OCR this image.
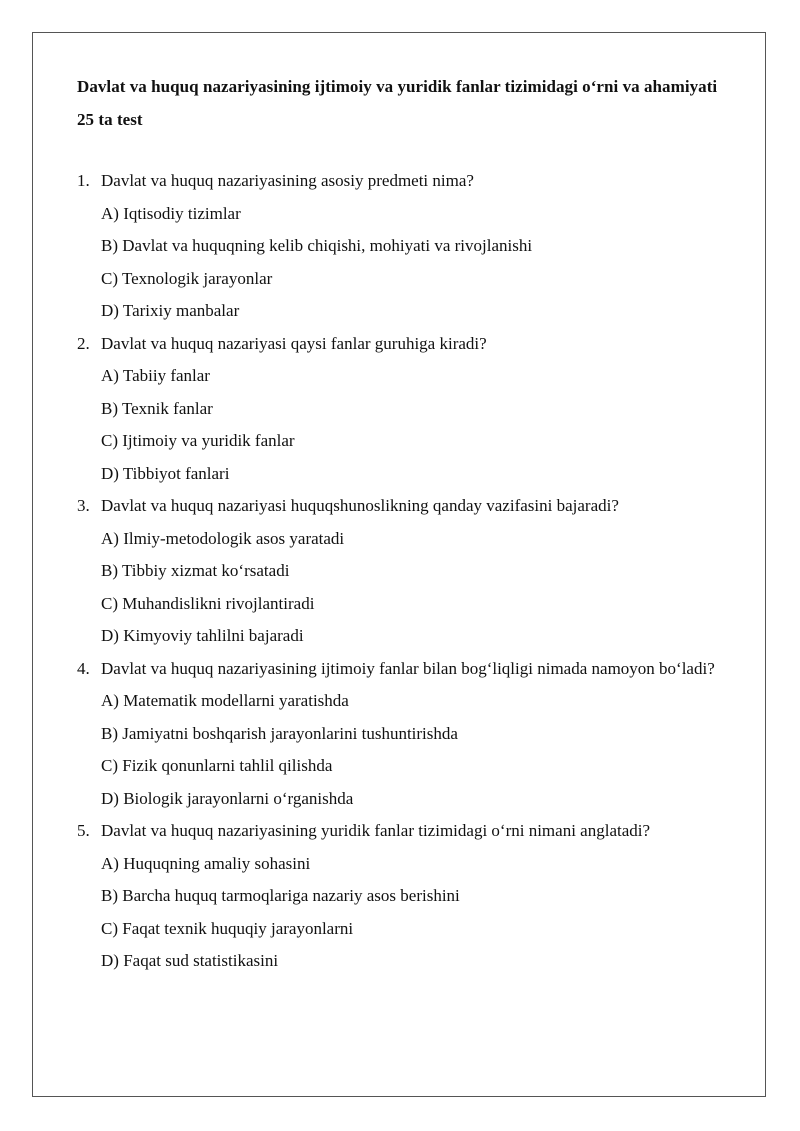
Davlat va huquq nazariyasining ijtimoiy va yuridik fanlar tizimidagi o‘rni va ahamiyati 25 ta test
1. Davlat va huquq nazariyasining asosiy predmeti nima?
A) Iqtisodiy tizimlar
B) Davlat va huquqning kelib chiqishi, mohiyati va rivojlanishi
C) Texnologik jarayonlar
D) Tarixiy manbalar
2. Davlat va huquq nazariyasi qaysi fanlar guruhiga kiradi?
A) Tabiiy fanlar
B) Texnik fanlar
C) Ijtimoiy va yuridik fanlar
D) Tibbiyot fanlari
3. Davlat va huquq nazariyasi huquqshunoslikning qanday vazifasini bajaradi?
A) Ilmiy-metodologik asos yaratadi
B) Tibbiy xizmat ko‘rsatadi
C) Muhandislikni rivojlantiradi
D) Kimyoviy tahlilni bajaradi
4. Davlat va huquq nazariyasining ijtimoiy fanlar bilan bog‘liqligi nimada namoyon bo‘ladi?
A) Matematik modellarni yaratishda
B) Jamiyatni boshqarish jarayonlarini tushuntirishda
C) Fizik qonunlarni tahlil qilishda
D) Biologik jarayonlarni o‘rganishda
5. Davlat va huquq nazariyasining yuridik fanlar tizimidagi o‘rni nimani anglatadi?
A) Huquqning amaliy sohasini
B) Barcha huquq tarmoqlariga nazariy asos berishini
C) Faqat texnik huquqiy jarayonlarni
D) Faqat sud statistikasini
